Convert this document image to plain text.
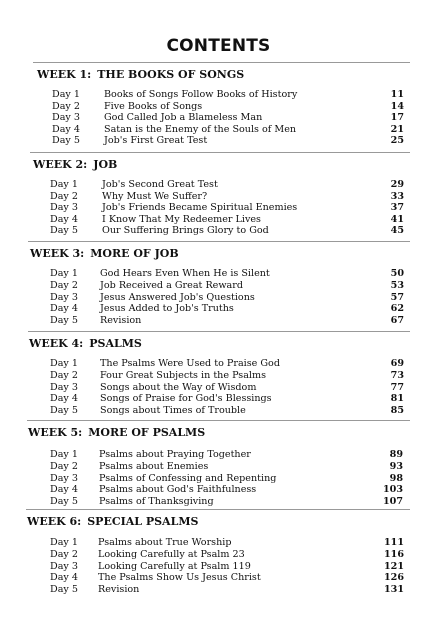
CONTENTS
WEEK 1: THE BOOKS OF SONGS
Day 1	Books of Songs Follow Books of History	11
Day 2	Five Books of Songs	14
Day 3	God Called Job a Blameless Man	17
Day 4	Satan is the Enemy of the Souls of Men	21
Day 5	Job's First Great Test	25
WEEK 2: JOB
Day 1	Job's Second Great Test	29
Day 2	Why Must We Suffer?	33
Day 3	Job's Friends Became Spiritual Enemies	37
Day 4	I Know That My Redeemer Lives	41
Day 5	Our Suffering Brings Glory to God	45
WEEK 3: MORE OF JOB
Day 1	God Hears Even When He is Silent	50
Day 2	Job Received a Great Reward	53
Day 3	Jesus Answered Job's Questions	57
Day 4	Jesus Added to Job's Truths	62
Day 5	Revision	67
WEEK 4: PSALMS
Day 1	The Psalms Were Used to Praise God	69
Day 2	Four Great Subjects in the Psalms	73
Day 3	Songs about the Way of Wisdom	77
Day 4	Songs of Praise for God's Blessings	81
Day 5	Songs about Times of Trouble	85
WEEK 5: MORE OF PSALMS
Day 1	Psalms about Praying Together	89
Day 2	Psalms about Enemies	93
Day 3	Psalms of Confessing and Repenting	98
Day 4	Psalms about God's Faithfulness	103
Day 5	Psalms of Thanksgiving	107
WEEK 6: SPECIAL PSALMS
Day 1	Psalms about True Worship	111
Day 2	Looking Carefully at Psalm 23	116
Day 3	Looking Carefully at Psalm 119	121
Day 4	The Psalms Show Us Jesus Christ	126
Day 5	Revision	131
